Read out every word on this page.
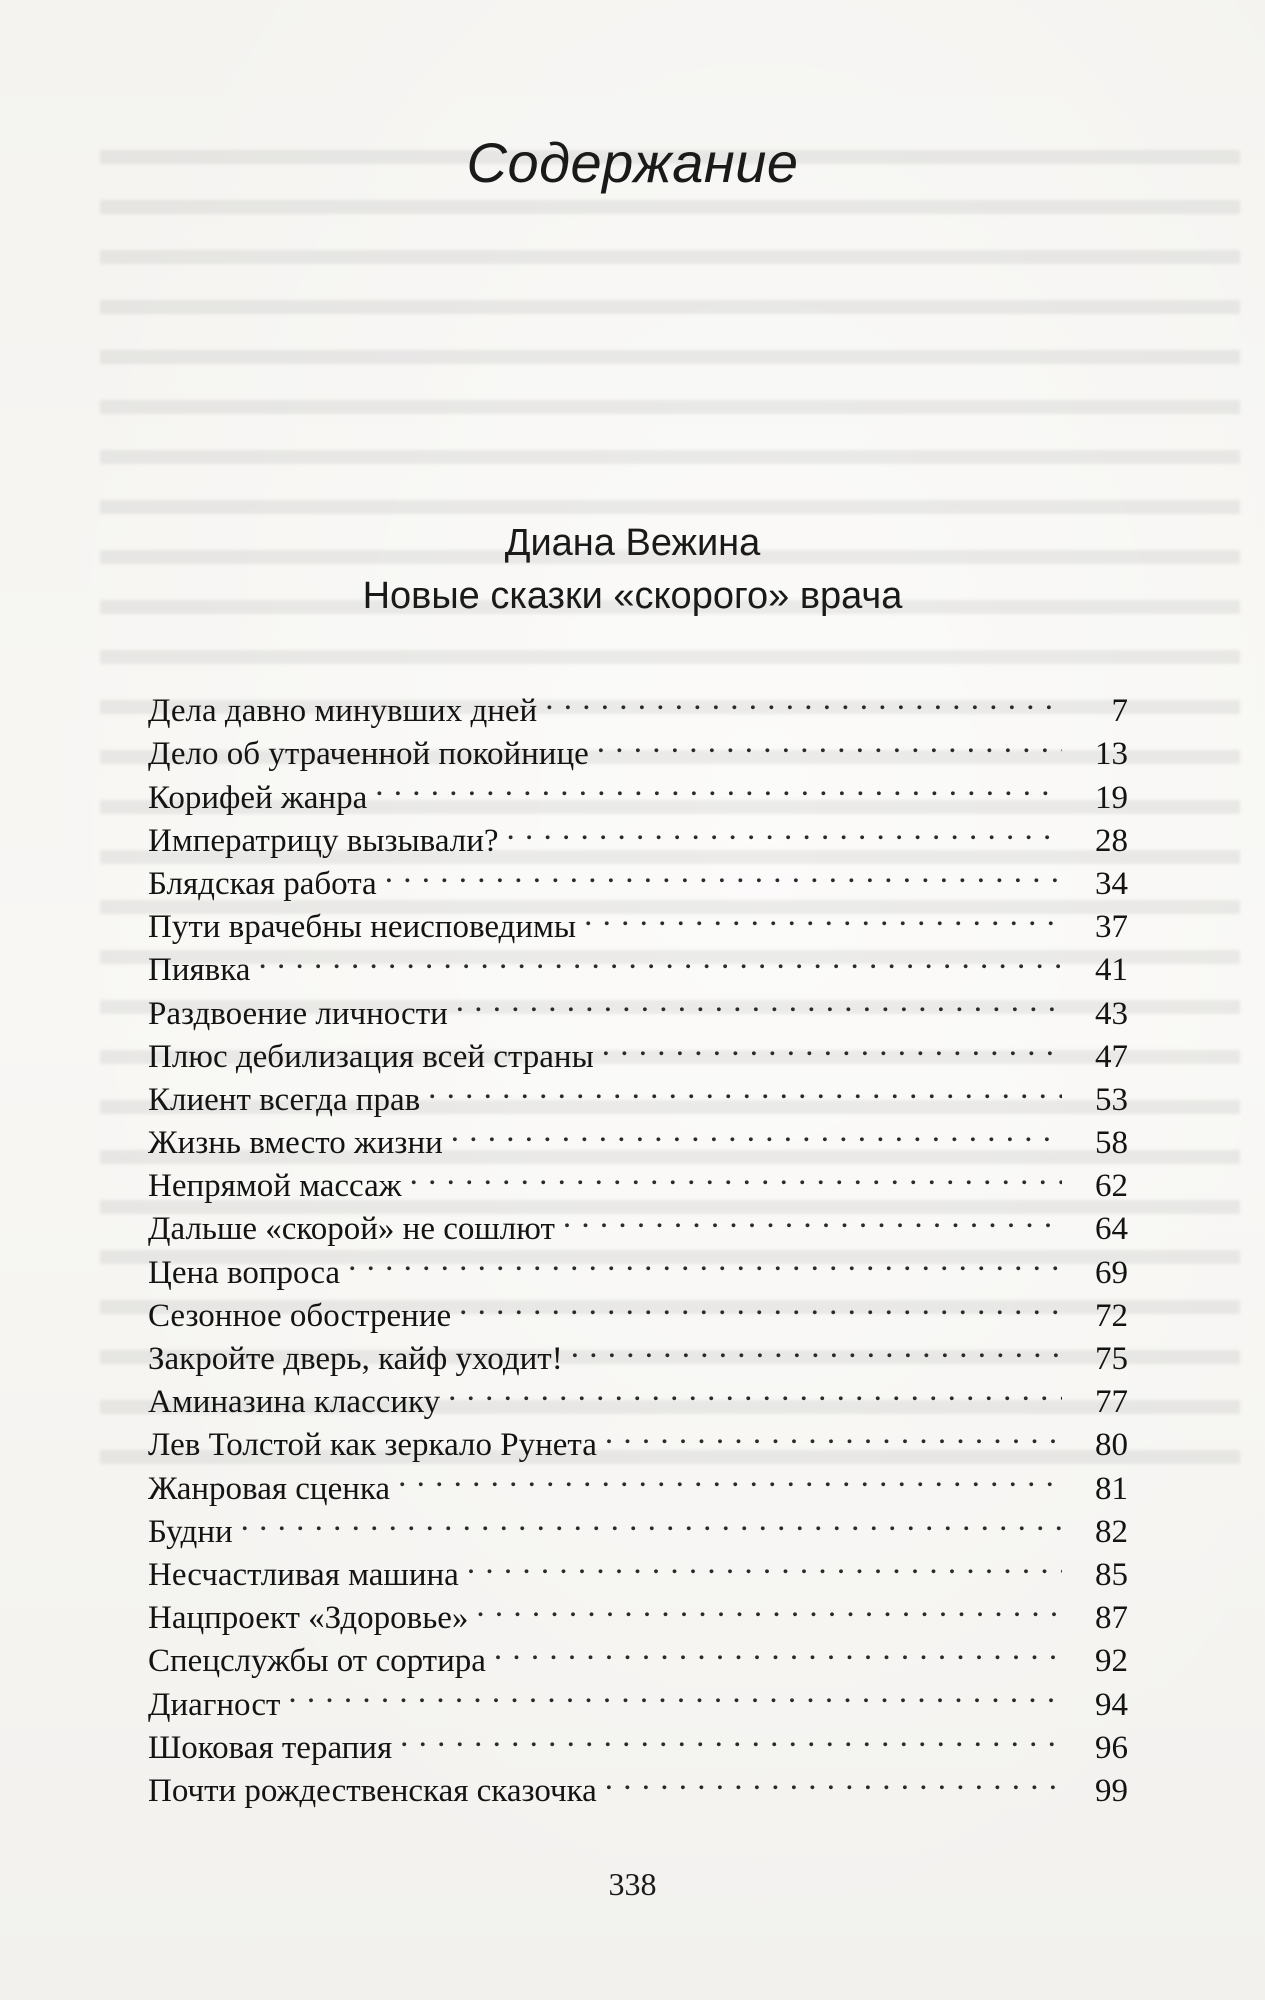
Содержание
Диана Вежина
Новые сказки «скорого» врача
Дела давно минувших дней . . .	7
Дело об утраченной покойнице . . .	13
Корифей жанра . . .	19
Императрицу вызывали? . . .	28
Блядская работа . . .	34
Пути врачебны неисповедимы . . .	37
Пиявка . . .	41
Раздвоение личности . . .	43
Плюс дебилизация всей страны . . .	47
Клиент всегда прав . . .	53
Жизнь вместо жизни . . .	58
Непрямой массаж . . .	62
Дальше «скорой» не сошлют . . .	64
Цена вопроса . . .	69
Сезонное обострение . . .	72
Закройте дверь, кайф уходит! . . .	75
Аминазина классику . . .	77
Лев Толстой как зеркало Рунета . . .	80
Жанровая сценка . . .	81
Будни . . .	82
Несчастливая машина . . .	85
Нацпроект «Здоровье» . . .	87
Спецслужбы от сортира . . .	92
Диагност . . .	94
Шоковая терапия . . .	96
Почти рождественская сказочка . . .	99
338
